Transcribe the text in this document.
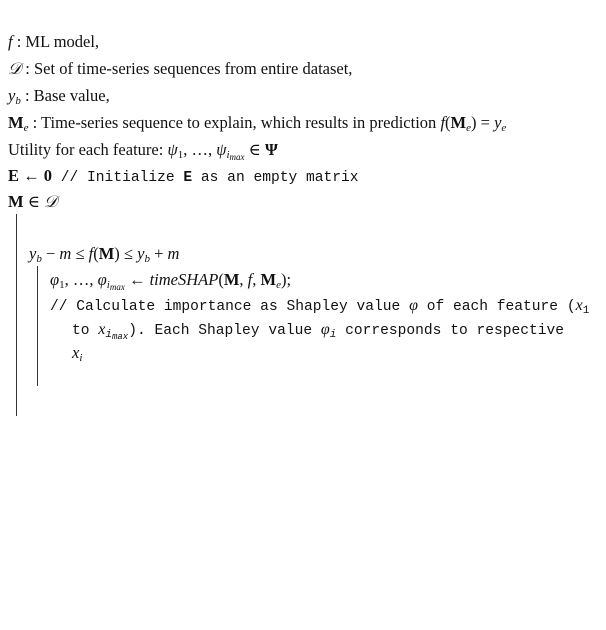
f : ML model,
𝒟 : Set of time-series sequences from entire dataset,
$y_b$ : Base value,
$M_e$ : Time-series sequence to explain, which results in prediction $f(M_e) = y_e$
Utility for each feature: $\psi_1$, …, $\psi_{i_{max}}$ ∈ Ψ
E ← 0 // Initialize E as an empty matrix
M ∈ 𝒟
$y_b - m \le f(M) \le y_b + m$
$\varphi_1$, …, $\varphi_{i_{max}}$ ← timeSHAP(M, f, $M_e$);
// Calculate importance as Shapley value φ of each feature ($x_1$
to $x_{i_{max}}$). Each Shapley value $\varphi_i$ corresponds to respective
$x_i$
